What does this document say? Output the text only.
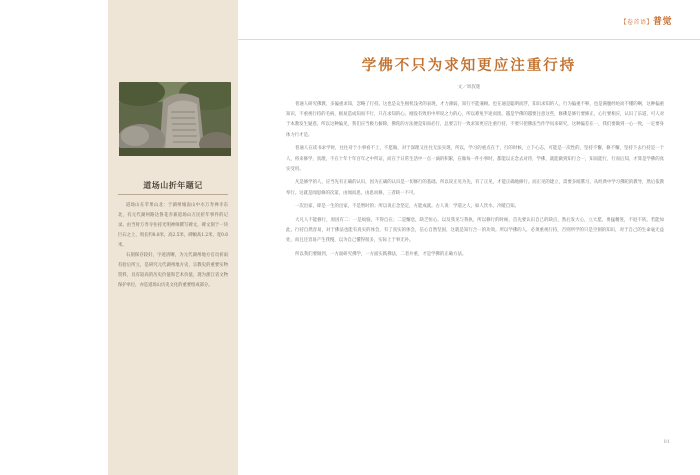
道场山折年题记

道场山在苹果山北：于湖州城南山中水万寿禅寺东北，有元代湖州路达鲁花赤兼道场山万民折年事件的记录。由当时万寿寺住持光明禅师撰写碑文，碑文刻于一块巨石之上，周长约8.8米，高2.5米，碑额高1.2米，宽0.6米。

石刻保存较好，字迹清晰，为元代湖州地方官员祈雨有验后所立，是研究元代湖州地方史、宗教史的重要实物资料，具有较高的历史价值和艺术价值，现为浙江省文物保护单位，亦是道场山历史文化的重要组成部分。

【卷首语】普觉
学佛不只为求知更应注重行持
文／周叔迦

普通人研究佛教，多偏重求知，忽略了行持。这也是众生根机浅劣的表现，才力薄弱，知行不能兼顾。也在通是聪明而浮，知识求知的人，行为偏重不够，也是满腹经纶而不懂的啊，这种偏重知识，不重视行持的毛病，极易造成知而不行，只在求知的心。刚没有致用中所说之力的心，所以难免半途而废。越是学佛的越要注意这些，修佛是修行要修正，心行要相应，认识了乐道，可人对于本教发生疑惑，所以这种偏见，我们应当极力摒除，佛陀的方法便是知而必行，总要言行一致求知更应注重行持，不要只把佛法当作学问来研究，这种偏差在一，我们要做到一心一致，一定要身体力行才是。

普通人在读书求学时，往往对于小事看不上，不愿做，对于深理又往往无法实现，所以，学习的重点在于，行的时候，立下心志，可能是一次性的，坚持不懈，修不懈，坚持下去行持是一个人，将来修学，真理，不在十年十年百年之中所证，而在于日常生活中一点一滴的积累，在做每一件小事时，都能以正念去对待，学佛，就能做到知行合一，知而能行，行而后知，才算是学佛的真实受用。

凡是修学的人，应当先有正确的认识，因为正确的认识是一切修行的基础。所以说正见为先，有了正见，才能正确地修行。而正见的建立，需要多闻熏习，从经典中学习佛陀的教导，然后依教奉行。这就是闻思修的次第，由闻而思，由思而修，三者缺一不可。

一次出家，即是一生的出家，不是暂时的；所以说正念坚定，方能成就。古人说：学道之人，如人饮水，冷暖自知。

大凡人不能修行，原因有二：一是烦恼，不得自在；二是懈怠，缺乏恒心。以及我见与我执，所以修行的时候，首先要认识自己的缺点，然后发大心，立大愿，勇猛精进，不退不转。若能如此，行持自然容易，对于佛法也能有真实的体会，有了真实的体会，信心自然坚固，这就是知行合一的功效。所以学佛的人，必须重视行持，否则所学的只是空洞的知识，对于自己的生命毫无益处，而且还容易产生我慢，以为自己懂得很多，实际上于事无补。

所以我们要做到，一方面研究佛学，一方面实践佛法，二者并重，才是学佛的正确方法。

01
